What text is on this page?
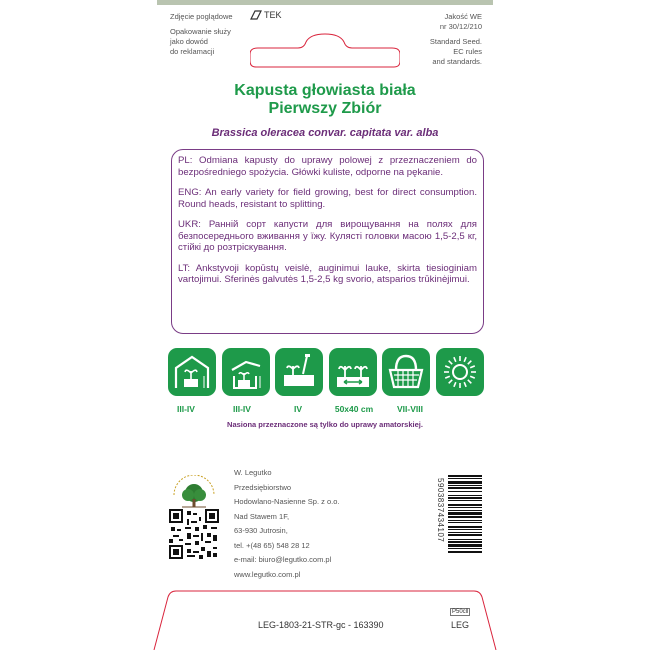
Zdjęcie poglądowe	TEK
Opakowanie służy
jako dowód
do reklamacji
Jakość WE
nr 30/12/210
Standard Seed.
EC rules
and standards.
Kapusta głowiasta biała
Pierwszy Zbiór
Brassica oleracea convar. capitata var. alba

PL: Odmiana kapusty do uprawy polowej z przeznaczeniem do bezpośredniego spożycia. Główki kuliste, odporne na pękanie.

ENG: An early variety for field growing, best for direct consumption. Round heads, resistant to splitting.

UKR: Ранній сорт капусти для вирощування на полях для безпосереднього вживання у їжу. Кулясті головки масою 1,5-2,5 кг, стійкі до розтріскування.

LT: Ankstyvoji kopūstų veislė, auginimui lauke, skirta tiesioginiam vartojimui. Sferinės galvutės 1,5-2,5 kg svorio, atsparios trūkinėjimui.

III-IV	III-IV	IV	50x40 cm	VII-VIII
Nasiona przeznaczone są tylko do uprawy amatorskiej.
W. Legutko
Przedsiębiorstwo
Hodowlano-Nasienne Sp. z o.o.
Nad Stawem 1F,
63-930 Jutrosin,
tel. +(48 65) 548 28 12
e-mail: biuro@legutko.com.pl
www.legutko.com.pl
5903837434107
LEG-1803-21-STR-gc - 163390
P50cll
LEG
